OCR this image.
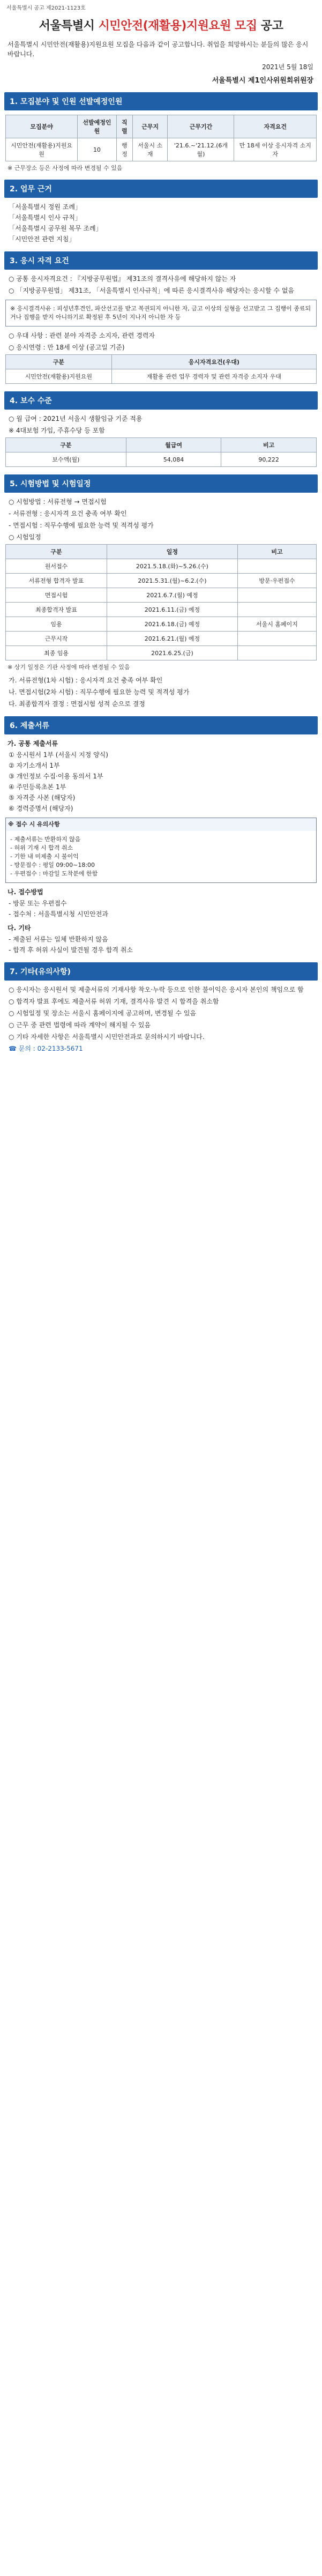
서울특별시 공고 제2021-1123호
서울특별시 시민안전(재활용)지원요원 모집 공고
서울특별시 시민안전(재활용)지원요원 모집을 다음과 같이 공고합니다. 취업을 희망하시는 분들의 많은 응시 바랍니다.
2021년 5월 18일
서울특별시 제1인사위원회위원장
1. 모집분야 및 인원 선발예정인원
모집분야	선발예정인원	직렬	근무지	근무기간	자격요건
시민안전(재활용)지원요원	10	행정	서울시 소재	'21.6.~'21.12.(6개월)	만 18세 이상 응시자격 소지자
※ 근무장소 등은 사정에 따라 변경될 수 있음
2. 업무 근거
「서울특별시 정원 조례」
「서울특별시 인사 규칙」
「서울특별시 공무원 복무 조례」
「시민안전 관련 지침」
3. 응시 자격 요건
○ 공통 응시자격요건 : 『지방공무원법』 제31조의 결격사유에 해당하지 않는 자
○ 「지방공무원법」 제31조, 「서울특별시 인사규칙」에 따른 응시결격사유 해당자는 응시할 수 없음
※ 응시결격사유 : 피성년후견인, 파산선고를 받고 복권되지 아니한 자, 금고 이상의 실형을 선고받고 그 집행이 종료되거나 집행을 받지 아니하기로 확정된 후 5년이 지나지 아니한 자 등
○ 우대 사항 : 관련 분야 자격증 소지자, 관련 경력자
○ 응시연령 : 만 18세 이상 (공고일 기준)
구분	응시자격요건(우대)
시민안전(재활용)지원요원	재활용 관련 업무 경력자 및 관련 자격증 소지자 우대
4. 보수 수준
○ 월 급여 : 2021년 서울시 생활임금 기준 적용
※ 4대보험 가입, 주휴수당 등 포함
구분	월급여	비고
보수액(월)	54,084	90,222
5. 시험방법 및 시험일정
○ 시험방법 : 서류전형 → 면접시험
- 서류전형 : 응시자격 요건 충족 여부 확인
- 면접시험 : 직무수행에 필요한 능력 및 적격성 평가
○ 시험일정
구분	일정	비고
원서접수	2021.5.18.(화)~5.26.(수)	
서류전형 합격자 발표	2021.5.31.(월)~6.2.(수)	방문·우편접수
면접시험	2021.6.7.(월) 예정	
최종합격자 발표	2021.6.11.(금) 예정	
임용	2021.6.18.(금) 예정	서울시 홈페이지
근무시작	2021.6.21.(월) 예정	
최종 임용	2021.6.25.(금)	
※ 상기 일정은 기관 사정에 따라 변경될 수 있음
가. 서류전형(1차 시험) : 응시자격 요건 충족 여부 확인
나. 면접시험(2차 시험) : 직무수행에 필요한 능력 및 적격성 평가
다. 최종합격자 결정 : 면접시험 성적 순으로 결정
6. 제출서류
가. 공통 제출서류
① 응시원서 1부 (서울시 지정 양식)
② 자기소개서 1부
③ 개인정보 수집·이용 동의서 1부
④ 주민등록초본 1부
⑤ 자격증 사본 (해당자)
⑥ 경력증명서 (해당자)
※ 접수 시 유의사항
- 제출서류는 반환하지 않음
- 허위 기재 시 합격 취소
- 기한 내 미제출 시 불이익
- 방문접수 : 평일 09:00~18:00
- 우편접수 : 마감일 도착분에 한함
나. 접수방법
- 방문 또는 우편접수
- 접수처 : 서울특별시청 시민안전과
다. 기타
- 제출된 서류는 일체 반환하지 않음
- 합격 후 허위 사실이 발견될 경우 합격 취소
7. 기타(유의사항)
○ 응시자는 응시원서 및 제출서류의 기재사항 착오·누락 등으로 인한 불이익은 응시자 본인의 책임으로 함
○ 합격자 발표 후에도 제출서류 허위 기재, 결격사유 발견 시 합격을 취소함
○ 시험일정 및 장소는 서울시 홈페이지에 공고하며, 변경될 수 있음
○ 근무 중 관련 법령에 따라 계약이 해지될 수 있음
○ 기타 자세한 사항은 서울특별시 시민안전과로 문의하시기 바랍니다.
☎ 문의 : 02-2133-5671
